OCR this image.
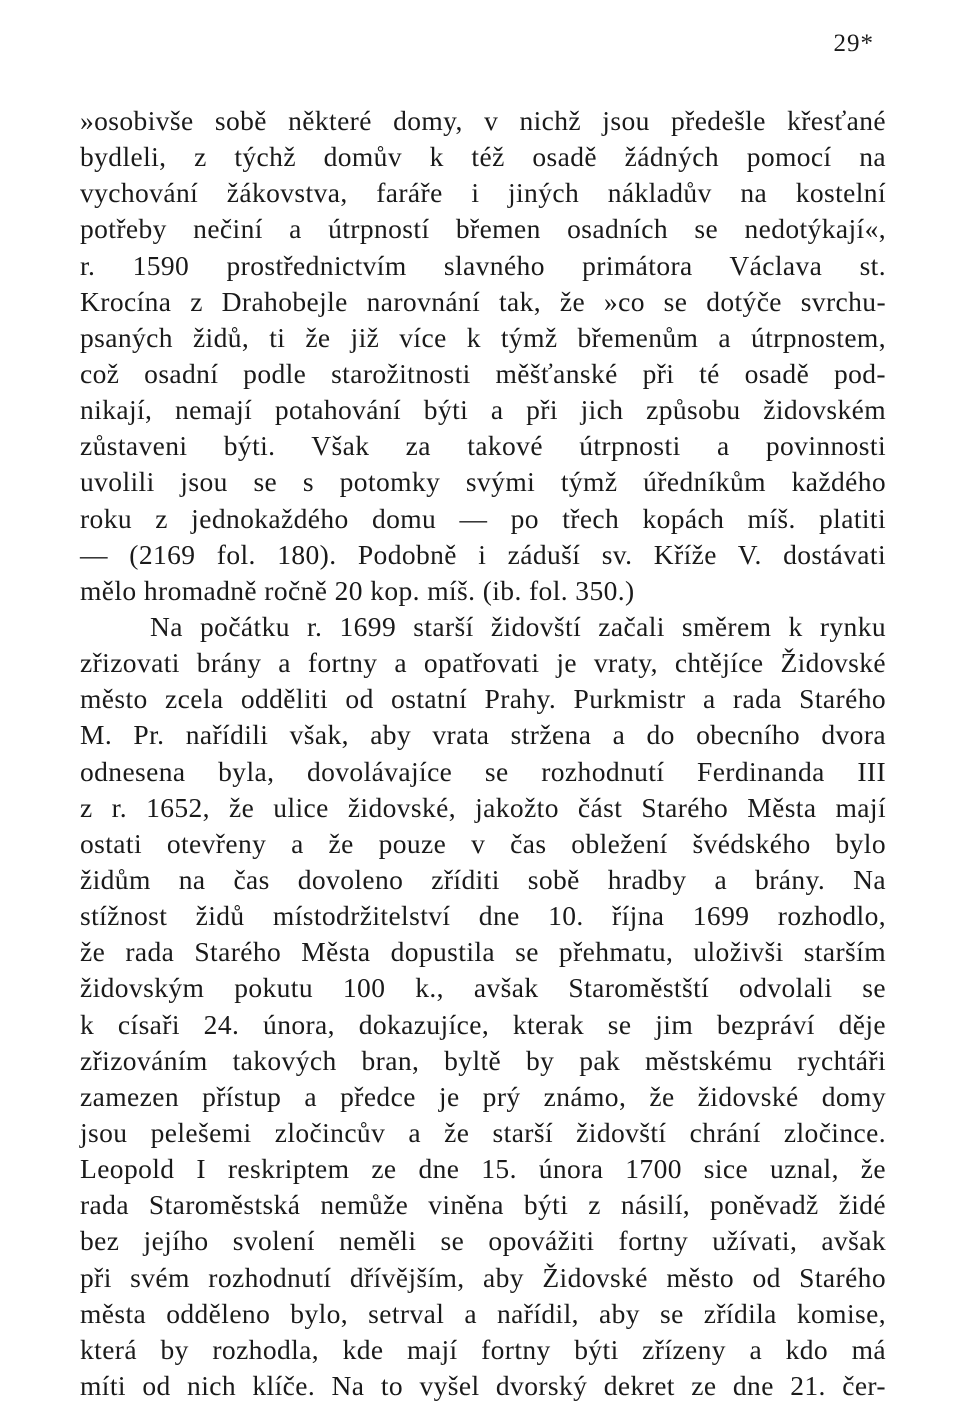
29*
»osobivše sobě některé domy, v nichž jsou předešle křesťané
bydleli, z týchž domův k též osadě žádných pomocí na
vychování žákovstva, faráře i jiných nákladův na kostelní
potřeby nečiní a útrpností břemen osadních se nedotýkají«,
r. 1590 prostřednictvím slavného primátora Václava st.
Krocína z Drahobejle narovnání tak, že »co se dotýče svrchu-
psaných židů, ti že již více k týmž břemenům a útrpnostem,
což osadní podle starožitnosti měšťanské při té osadě pod-
nikají, nemají potahování býti a při jich způsobu židovském
zůstaveni býti. Však za takové útrpnosti a povinnosti
uvolili jsou se s potomky svými týmž úředníkům každého
roku z jednokaždého domu — po třech kopách míš. platiti
— (2169 fol. 180). Podobně i záduší sv. Kříže V. dostávati
mělo hromadně ročně 20 kop. míš. (ib. fol. 350.)
Na počátku r. 1699 starší židovští začali směrem k rynku
zřizovati brány a fortny a opatřovati je vraty, chtějíce Židovské
město zcela odděliti od ostatní Prahy. Purkmistr a rada Starého
M. Pr. nařídili však, aby vrata stržena a do obecního dvora
odnesena byla, dovolávajíce se rozhodnutí Ferdinanda III
z r. 1652, že ulice židovské, jakožto část Starého Města mají
ostati otevřeny a že pouze v čas obležení švédského bylo
židům na čas dovoleno zříditi sobě hradby a brány. Na
stížnost židů místodržitelství dne 10. října 1699 rozhodlo,
že rada Starého Města dopustila se přehmatu, uloživši starším
židovským pokutu 100 k., avšak Staroměstští odvolali se
k císaři 24. února, dokazujíce, kterak se jim bezpráví děje
zřizováním takových bran, byltě by pak městskému rychtáři
zamezen přístup a předce je prý známo, že židovské domy
jsou pelešemi zločincův a že starší židovští chrání zločince.
Leopold I reskriptem ze dne 15. února 1700 sice uznal, že
rada Staroměstská nemůže viněna býti z násilí, poněvadž židé
bez jejího svolení neměli se opovážiti fortny užívati, avšak
při svém rozhodnutí dřívějším, aby Židovské město od Starého
města odděleno bylo, setrval a nařídil, aby se zřídila komise,
která by rozhodla, kde mají fortny býti zřízeny a kdo má
míti od nich klíče. Na to vyšel dvorský dekret ze dne 21. čer-
